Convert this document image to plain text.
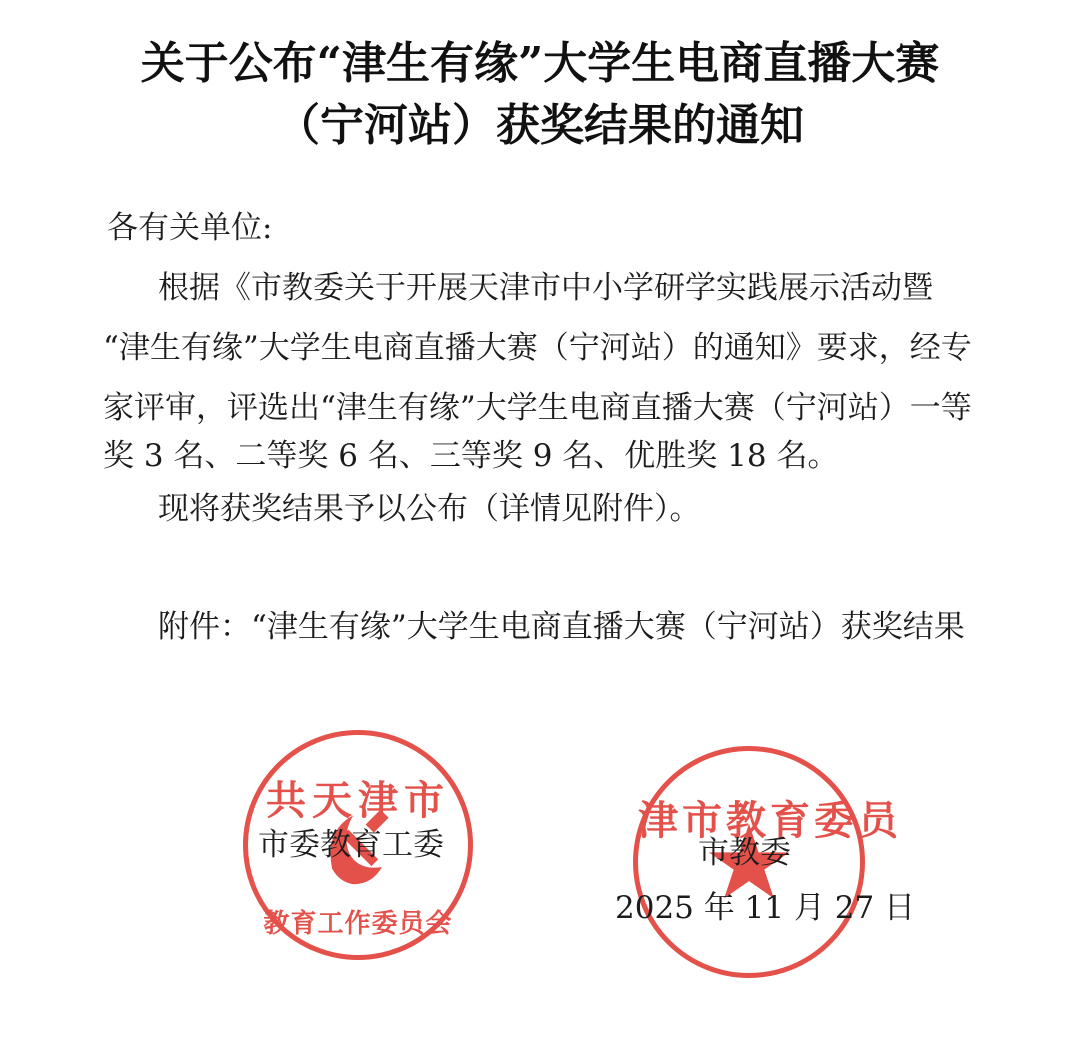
关于公布“津生有缘”大学生电商直播大赛
（宁河站）获奖结果的通知
各有关单位:
根据《市教委关于开展天津市中小学研学实践展示活动暨
“津生有缘”大学生电商直播大赛（宁河站）的通知》要求，经专
家评审，评选出“津生有缘”大学生电商直播大赛（宁河站）一等
奖 3 名、二等奖 6 名、三等奖 9 名、优胜奖 18 名。
现将获奖结果予以公布（详情见附件）。
附件：“津生有缘”大学生电商直播大赛（宁河站）获奖结果
共天津市
教育工作委员会
津市教育委员
市委教育工委	市教委
2025 年 11 月 27 日
